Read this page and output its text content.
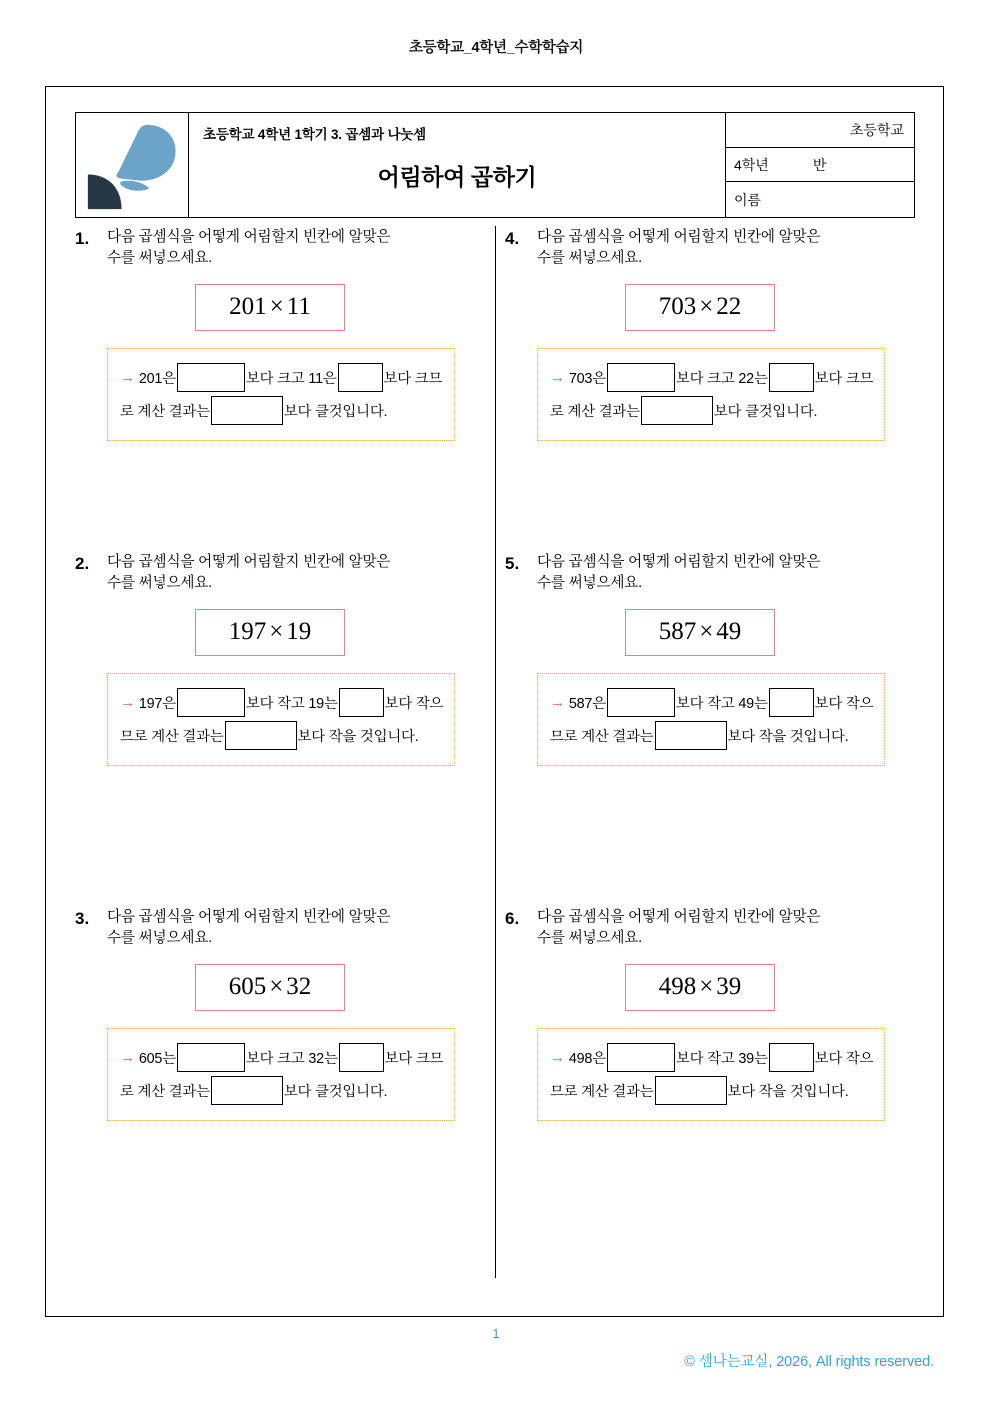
초등학교_4학년_수학학습지
초등학교 4학년 1학기 3. 곱셈과 나눗셈
어림하여 곱하기
초등학교
4학년	반
이름
1.	다음 곱셈식을 어떻게 어림할지 빈칸에 알맞은
수를 써넣으세요.
201 × 11
→ 201은	보다 크고 11은	보다 크므로 계산 결과는	보다 클것입니다.
2.	다음 곱셈식을 어떻게 어림할지 빈칸에 알맞은
수를 써넣으세요.
197 × 19
→ 197은	보다 작고 19는	보다 작으므로 계산 결과는	보다 작을 것입니다.
3.	다음 곱셈식을 어떻게 어림할지 빈칸에 알맞은
수를 써넣으세요.
605 × 32
→ 605는	보다 크고 32는	보다 크므로 계산 결과는	보다 클것입니다.
4.	다음 곱셈식을 어떻게 어림할지 빈칸에 알맞은
수를 써넣으세요.
703 × 22
→ 703은	보다 크고 22는	보다 크므로 계산 결과는	보다 클것입니다.
5.	다음 곱셈식을 어떻게 어림할지 빈칸에 알맞은
수를 써넣으세요.
587 × 49
→ 587은	보다 작고 49는	보다 작으므로 계산 결과는	보다 작을 것입니다.
6.	다음 곱셈식을 어떻게 어림할지 빈칸에 알맞은
수를 써넣으세요.
498 × 39
→ 498은	보다 작고 39는	보다 작으므로 계산 결과는	보다 작을 것입니다.
1
© 셈나는교실, 2026, All rights reserved.
